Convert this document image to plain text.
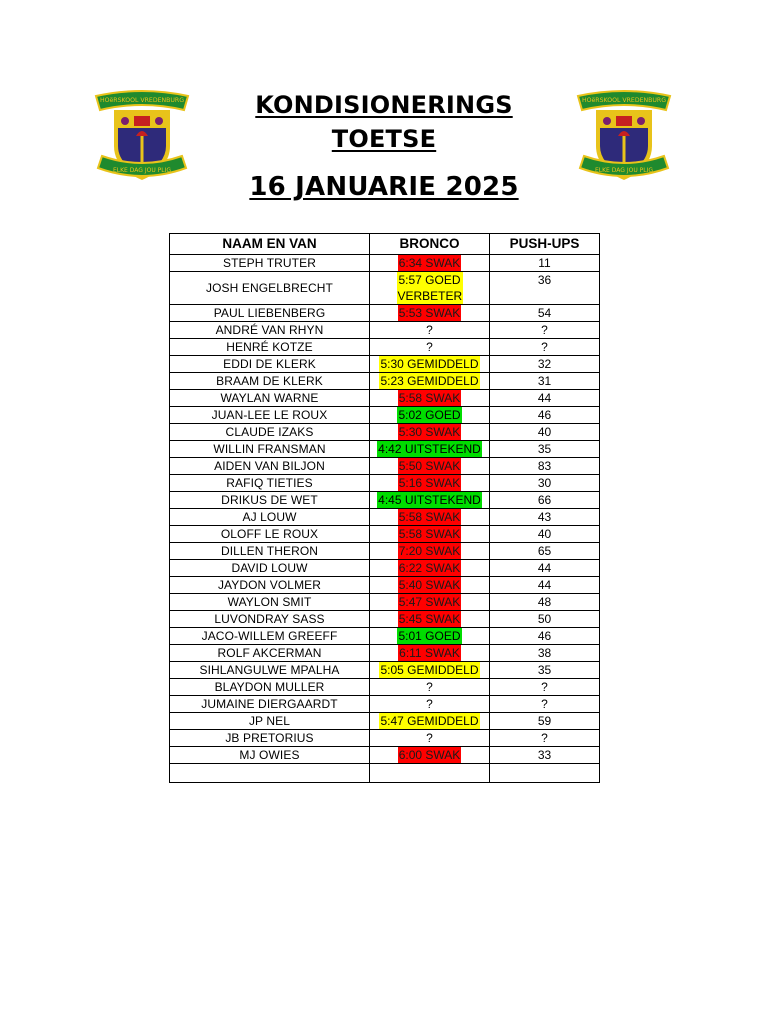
HOëRSKOOL VREDENBURG
ELKE DAG JOU PLIG
HOëRSKOOL VREDENBURG
ELKE DAG JOU PLIG
KONDISIONERINGS
TOETSE
16 JANUARIE 2025
NAAM EN VAN	BRONCO	PUSH-UPS
STEPH TRUTER	6:34 SWAK	11
JOSH ENGELBRECHT	5:57 GOED VERBETER	36
PAUL LIEBENBERG	5:53 SWAK	54
ANDRÉ VAN RHYN	?	?
HENRÉ KOTZE	?	?
EDDI DE KLERK	5:30 GEMIDDELD	32
BRAAM DE KLERK	5:23 GEMIDDELD	31
WAYLAN WARNE	5:58 SWAK	44
JUAN-LEE LE ROUX	5:02 GOED	46
CLAUDE IZAKS	5:30 SWAK	40
WILLIN FRANSMAN	4:42 UITSTEKEND	35
AIDEN VAN BILJON	5:50 SWAK	83
RAFIQ TIETIES	5:16 SWAK	30
DRIKUS DE WET	4:45 UITSTEKEND	66
AJ LOUW	5:58 SWAK	43
OLOFF LE ROUX	5:58 SWAK	40
DILLEN THERON	7:20 SWAK	65
DAVID LOUW	6:22 SWAK	44
JAYDON VOLMER	5:40 SWAK	44
WAYLON SMIT	5:47 SWAK	48
LUVONDRAY SASS	5:45 SWAK	50
JACO-WILLEM GREEFF	5:01 GOED	46
ROLF AKCERMAN	6:11 SWAK	38
SIHLANGULWE MPALHA	5:05 GEMIDDELD	35
BLAYDON MULLER	?	?
JUMAINE DIERGAARDT	?	?
JP NEL	5:47 GEMIDDELD	59
JB PRETORIUS	?	?
MJ OWIES	6:00 SWAK	33
